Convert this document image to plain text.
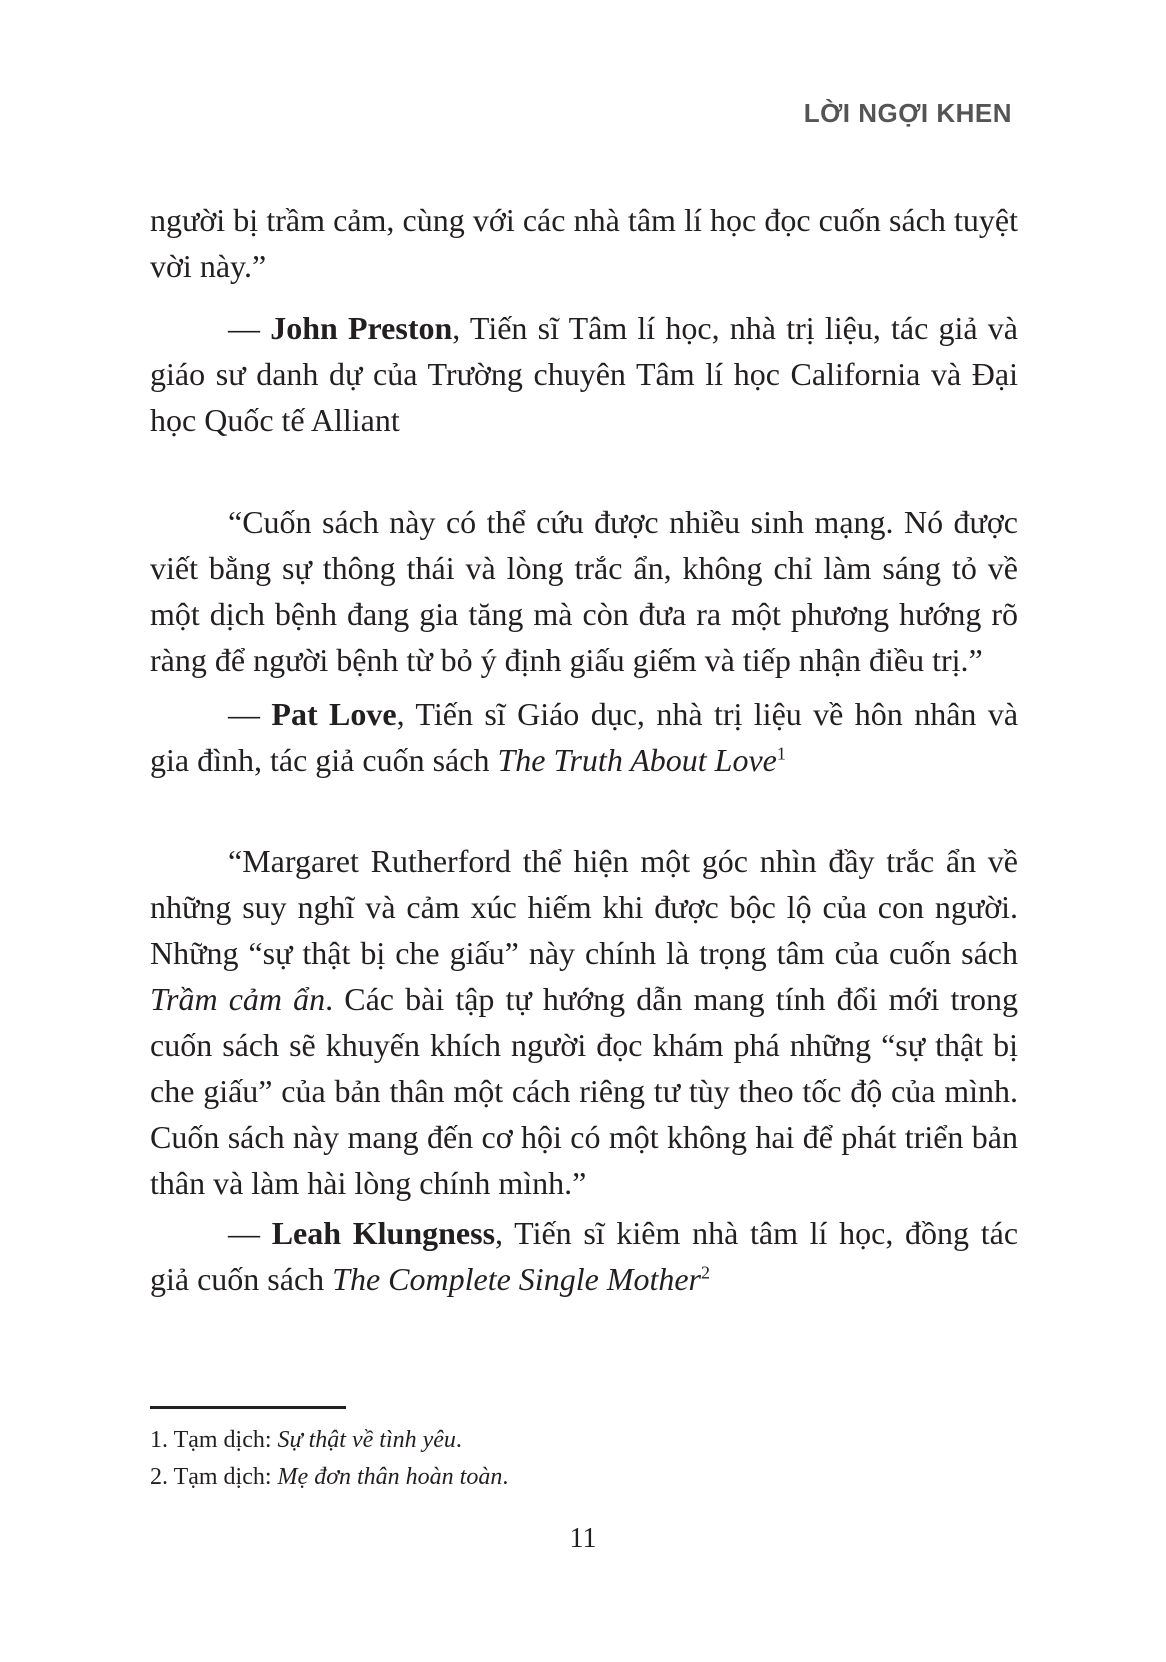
LỜI NGỢI KHEN

người bị trầm cảm, cùng với các nhà tâm lí học đọc cuốn sách tuyệt vời này.”

— John Preston, Tiến sĩ Tâm lí học, nhà trị liệu, tác giả và giáo sư danh dự của Trường chuyên Tâm lí học California và Đại học Quốc tế Alliant

“Cuốn sách này có thể cứu được nhiều sinh mạng. Nó được viết bằng sự thông thái và lòng trắc ẩn, không chỉ làm sáng tỏ về một dịch bệnh đang gia tăng mà còn đưa ra một phương hướng rõ ràng để người bệnh từ bỏ ý định giấu giếm và tiếp nhận điều trị.”

— Pat Love, Tiến sĩ Giáo dục, nhà trị liệu về hôn nhân và gia đình, tác giả cuốn sách The Truth About Love$^1$

“Margaret Rutherford thể hiện một góc nhìn đầy trắc ẩn về những suy nghĩ và cảm xúc hiếm khi được bộc lộ của con người. Những “sự thật bị che giấu” này chính là trọng tâm của cuốn sách Trầm cảm ẩn. Các bài tập tự hướng dẫn mang tính đổi mới trong cuốn sách sẽ khuyến khích người đọc khám phá những “sự thật bị che giấu” của bản thân một cách riêng tư tùy theo tốc độ của mình. Cuốn sách này mang đến cơ hội có một không hai để phát triển bản thân và làm hài lòng chính mình.”

— Leah Klungness, Tiến sĩ kiêm nhà tâm lí học, đồng tác giả cuốn sách The Complete Single Mother$^2$

1. Tạm dịch: Sự thật về tình yêu.

2. Tạm dịch: Mẹ đơn thân hoàn toàn.

11
